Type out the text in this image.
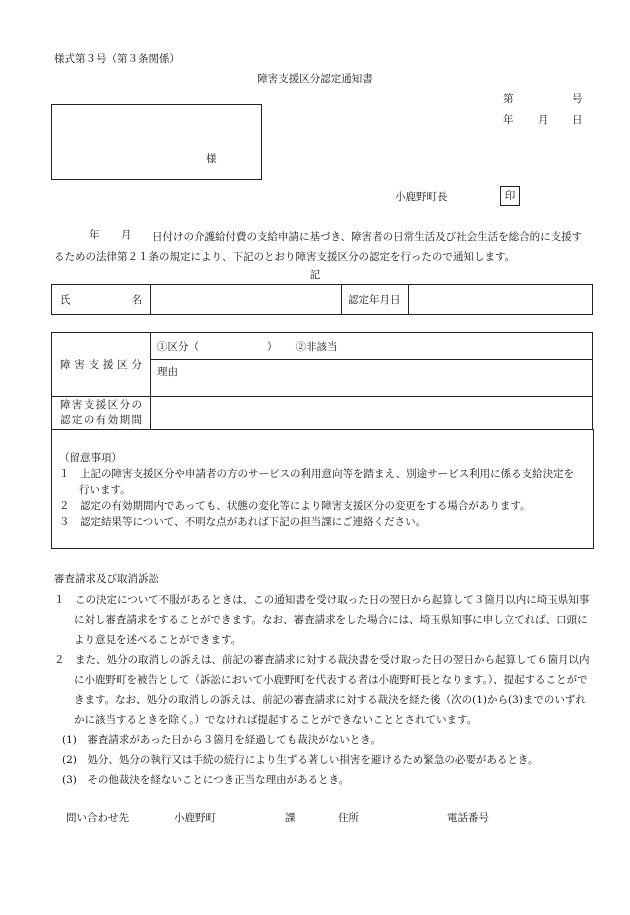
様式第３号（第３条関係）
障害支援区分認定通知書
第	号
年 月 日
様
小鹿野町長	印
年 月	日付けの介護給付費の支給申請に基づき、障害者の日常生活及び社会生活を総合的に支援するための法律第２１条の規定により、下記のとおり障害支援区分の認定を行ったので通知します。
記
氏名		認定年月日	
障害支援区分	①区分（ ） ②非該当
	理由

障害支援区分の
認定の有効期間	

（留意事項）
１　上記の障害支援区分や申請者の方のサービスの利用意向等を踏まえ、別途サービス利用に係る支給決定を行います。
２　認定の有効期間内であっても、状態の変化等により障害支援区分の変更をする場合があります。
３　認定結果等について、不明な点があれば下記の担当課にご連絡ください。
審査請求及び取消訴訟
１　この決定について不服があるときは、この通知書を受け取った日の翌日から起算して３箇月以内に埼玉県知事に対し審査請求をすることができます。なお、審査請求をした場合には、埼玉県知事に申し立てれば、口頭により意見を述べることができます。
２　また、処分の取消しの訴えは、前記の審査請求に対する裁決書を受け取った日の翌日から起算して６箇月以内に小鹿野町を被告として（訴訟において小鹿野町を代表する者は小鹿野町長となります。）、提起することができます。なお、処分の取消しの訴えは、前記の審査請求に対する裁決を経た後（次の(1)から(3)までのいずれかに該当するときを除く。）でなければ提起することができないこととされています。
(1)　審査請求があった日から３箇月を経過しても裁決がないとき。
(2)　処分、処分の執行又は手続の続行により生ずる著しい損害を避けるため緊急の必要があるとき。
(3)　その他裁決を経ないことにつき正当な理由があるとき。
問い合わせ先	小鹿野町	課	住所	電話番号
